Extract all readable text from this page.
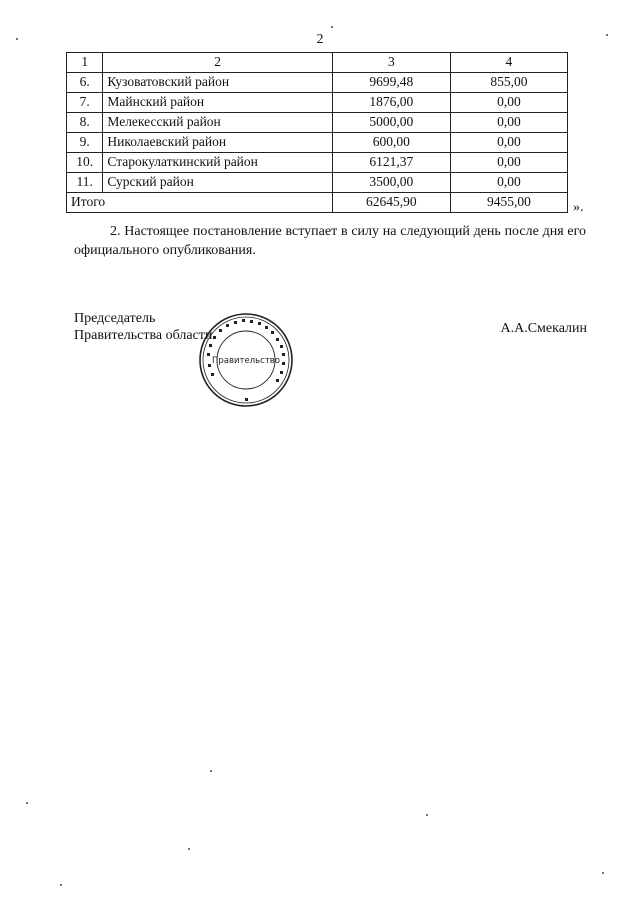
2
1	2	3	4
6.	Кузоватовский район	9699,48	855,00
7.	Майнский район	1876,00	0,00
8.	Мелекесский район	5000,00	0,00
9.	Николаевский район	600,00	0,00
10.	Старокулаткинский район	6121,37	0,00
11.	Сурский район	3500,00	0,00
Итого		62645,90	9455,00	».
2. Настоящее постановление вступает в силу на следующий день после дня его официального опубликования.
Председатель
Правительства области
Правительство
А.А.Смекалин
